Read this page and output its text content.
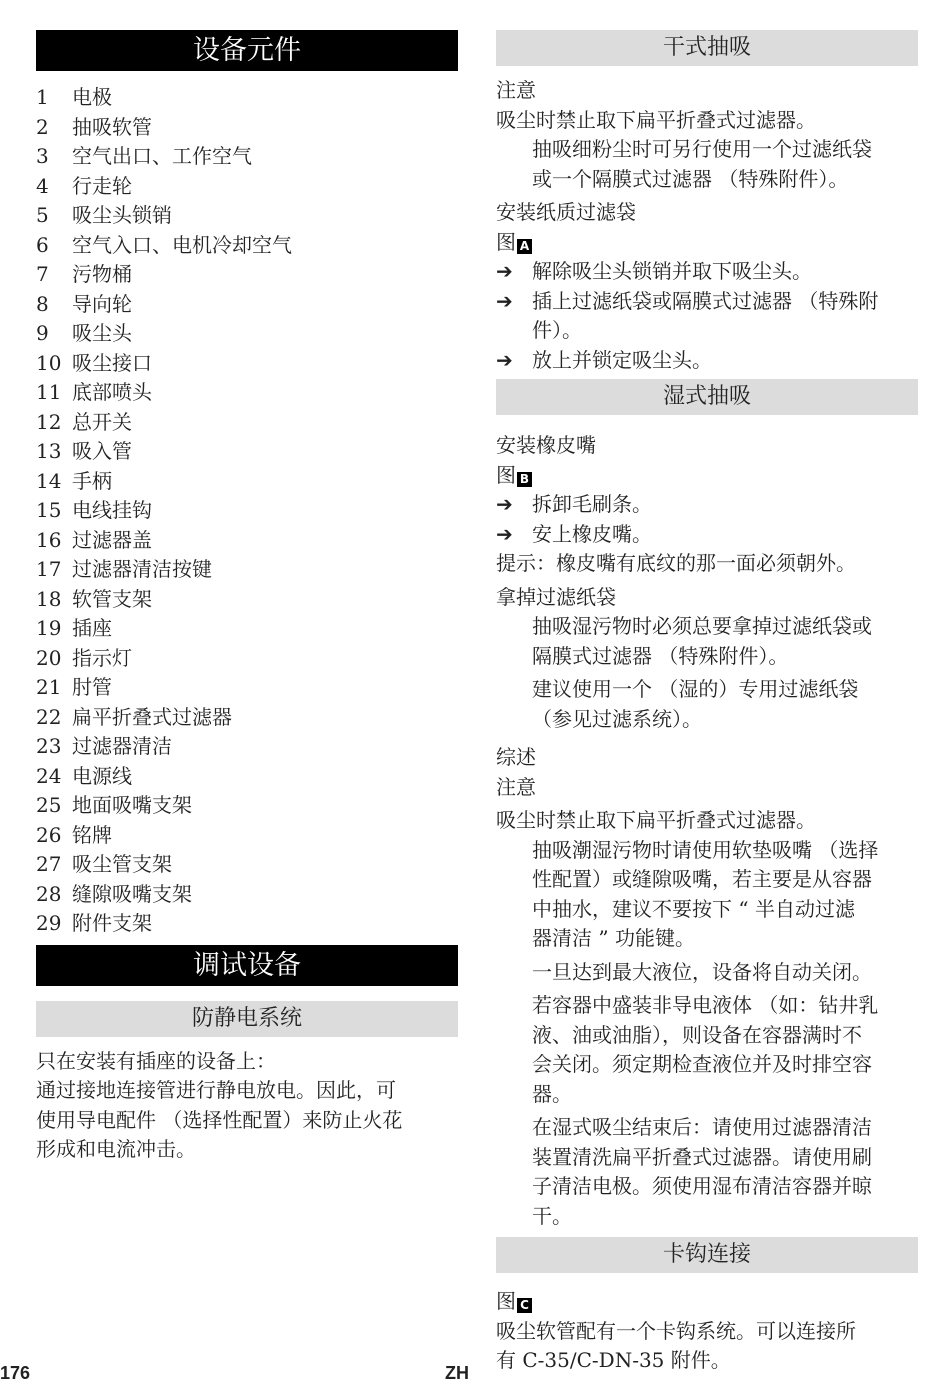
设备元件
1	电极
2	抽吸软管
3	空气出口、工作空气
4	行走轮
5	吸尘头锁销
6	空气入口、电机冷却空气
7	污物桶
8	导向轮
9	吸尘头
10 吸尘接口
11 底部喷头
12 总开关
13 吸入管
14 手柄
15 电线挂钩
16 过滤器盖
17 过滤器清洁按键
18 软管支架
19 插座
20 指示灯
21 肘管
22 扁平折叠式过滤器
23 过滤器清洁
24 电源线
25 地面吸嘴支架
26 铭牌
27 吸尘管支架
28 缝隙吸嘴支架
29 附件支架
调试设备
防静电系统

只在安装有插座的设备上：

通过接地连接管进行静电放电。因此，可

使用导电配件 （选择性配置）来防止火花

形成和电流冲击。

干式抽吸

注意

吸尘时禁止取下扁平折叠式过滤器。

抽吸细粉尘时可另行使用一个过滤纸袋

或一个隔膜式过滤器 （特殊附件）。

安装纸质过滤袋

图 A

➔ 解除吸尘头锁销并取下吸尘头。
➔ 插上过滤纸袋或隔膜式过滤器 （特殊附
件）。
➔ 放上并锁定吸尘头。
湿式抽吸

安装橡皮嘴

图 B

➔ 拆卸毛刷条。
➔ 安上橡皮嘴。

提示：橡皮嘴有底纹的那一面必须朝外。

拿掉过滤纸袋

抽吸湿污物时必须总要拿掉过滤纸袋或

隔膜式过滤器 （特殊附件）。

建议使用一个 （湿的）专用过滤纸袋

（参见过滤系统）。

综述

注意

吸尘时禁止取下扁平折叠式过滤器。

抽吸潮湿污物时请使用软垫吸嘴 （选择

性配置）或缝隙吸嘴，若主要是从容器

中抽水，建议不要按下 “ 半自动过滤

器清洁 ” 功能键。

一旦达到最大液位，设备将自动关闭。

若容器中盛装非导电液体 （如：钻井乳

液、油或油脂），则设备在容器满时不

会关闭。须定期检查液位并及时排空容

器。

在湿式吸尘结束后：请使用过滤器清洁

装置清洗扁平折叠式过滤器。请使用刷

子清洁电极。须使用湿布清洁容器并晾

干。

卡钩连接

图 C

吸尘软管配有一个卡钩系统。可以连接所

有 C-35/C-DN-35 附件。

176	ZH
